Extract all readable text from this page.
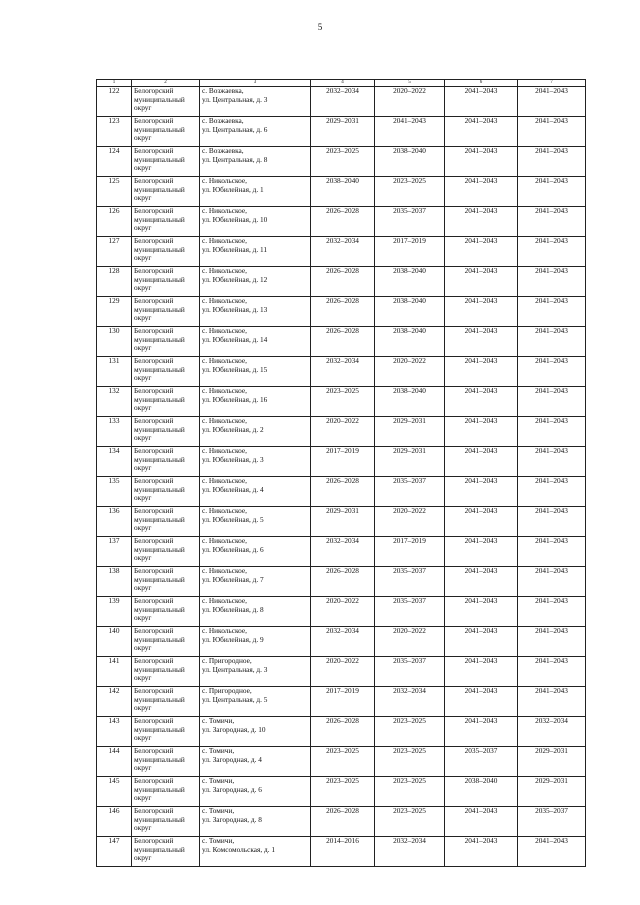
5
1	2	3	4	5	6	7

122	Белогорский
муниципальный
округ	с. Возжаевка,
ул. Центральная, д. 3	2032–2034	2020–2022	2041–2043	2041–2043

123	Белогорский
муниципальный
округ	с. Возжаевка,
ул. Центральная, д. 6	2029–2031	2041–2043	2041–2043	2041–2043

124	Белогорский
муниципальный
округ	с. Возжаевка,
ул. Центральная, д. 8	2023–2025	2038–2040	2041–2043	2041–2043

125	Белогорский
муниципальный
округ	с. Никольское,
ул. Юбилейная, д. 1	2038–2040	2023–2025	2041–2043	2041–2043

126	Белогорский
муниципальный
округ	с. Никольское,
ул. Юбилейная, д. 10	2026–2028	2035–2037	2041–2043	2041–2043

127	Белогорский
муниципальный
округ	с. Никольское,
ул. Юбилейная, д. 11	2032–2034	2017–2019	2041–2043	2041–2043

128	Белогорский
муниципальный
округ	с. Никольское,
ул. Юбилейная, д. 12	2026–2028	2038–2040	2041–2043	2041–2043

129	Белогорский
муниципальный
округ	с. Никольское,
ул. Юбилейная, д. 13	2026–2028	2038–2040	2041–2043	2041–2043

130	Белогорский
муниципальный
округ	с. Никольское,
ул. Юбилейная, д. 14	2026–2028	2038–2040	2041–2043	2041–2043

131	Белогорский
муниципальный
округ	с. Никольское,
ул. Юбилейная, д. 15	2032–2034	2020–2022	2041–2043	2041–2043

132	Белогорский
муниципальный
округ	с. Никольское,
ул. Юбилейная, д. 16	2023–2025	2038–2040	2041–2043	2041–2043

133	Белогорский
муниципальный
округ	с. Никольское,
ул. Юбилейная, д. 2	2020–2022	2029–2031	2041–2043	2041–2043

134	Белогорский
муниципальный
округ	с. Никольское,
ул. Юбилейная, д. 3	2017–2019	2029–2031	2041–2043	2041–2043

135	Белогорский
муниципальный
округ	с. Никольское,
ул. Юбилейная, д. 4	2026–2028	2035–2037	2041–2043	2041–2043

136	Белогорский
муниципальный
округ	с. Никольское,
ул. Юбилейная, д. 5	2029–2031	2020–2022	2041–2043	2041–2043

137	Белогорский
муниципальный
округ	с. Никольское,
ул. Юбилейная, д. 6	2032–2034	2017–2019	2041–2043	2041–2043

138	Белогорский
муниципальный
округ	с. Никольское,
ул. Юбилейная, д. 7	2026–2028	2035–2037	2041–2043	2041–2043

139	Белогорский
муниципальный
округ	с. Никольское,
ул. Юбилейная, д. 8	2020–2022	2035–2037	2041–2043	2041–2043

140	Белогорский
муниципальный
округ	с. Никольское,
ул. Юбилейная, д. 9	2032–2034	2020–2022	2041–2043	2041–2043

141	Белогорский
муниципальный
округ	с. Пригородное,
ул. Центральная, д. 3	2020–2022	2035–2037	2041–2043	2041–2043

142	Белогорский
муниципальный
округ	с. Пригородное,
ул. Центральная, д. 5	2017–2019	2032–2034	2041–2043	2041–2043

143	Белогорский
муниципальный
округ	с. Томичи,
ул. Загородная, д. 10	2026–2028	2023–2025	2041–2043	2032–2034

144	Белогорский
муниципальный
округ	с. Томичи,
ул. Загородная, д. 4	2023–2025	2023–2025	2035–2037	2029–2031

145	Белогорский
муниципальный
округ	с. Томичи,
ул. Загородная, д. 6	2023–2025	2023–2025	2038–2040	2029–2031

146	Белогорский
муниципальный
округ	с. Томичи,
ул. Загородная, д. 8	2026–2028	2023–2025	2041–2043	2035–2037

147	Белогорский
муниципальный
округ	с. Томичи,
ул. Комсомольская, д. 1	2014–2016	2032–2034	2041–2043	2041–2043
